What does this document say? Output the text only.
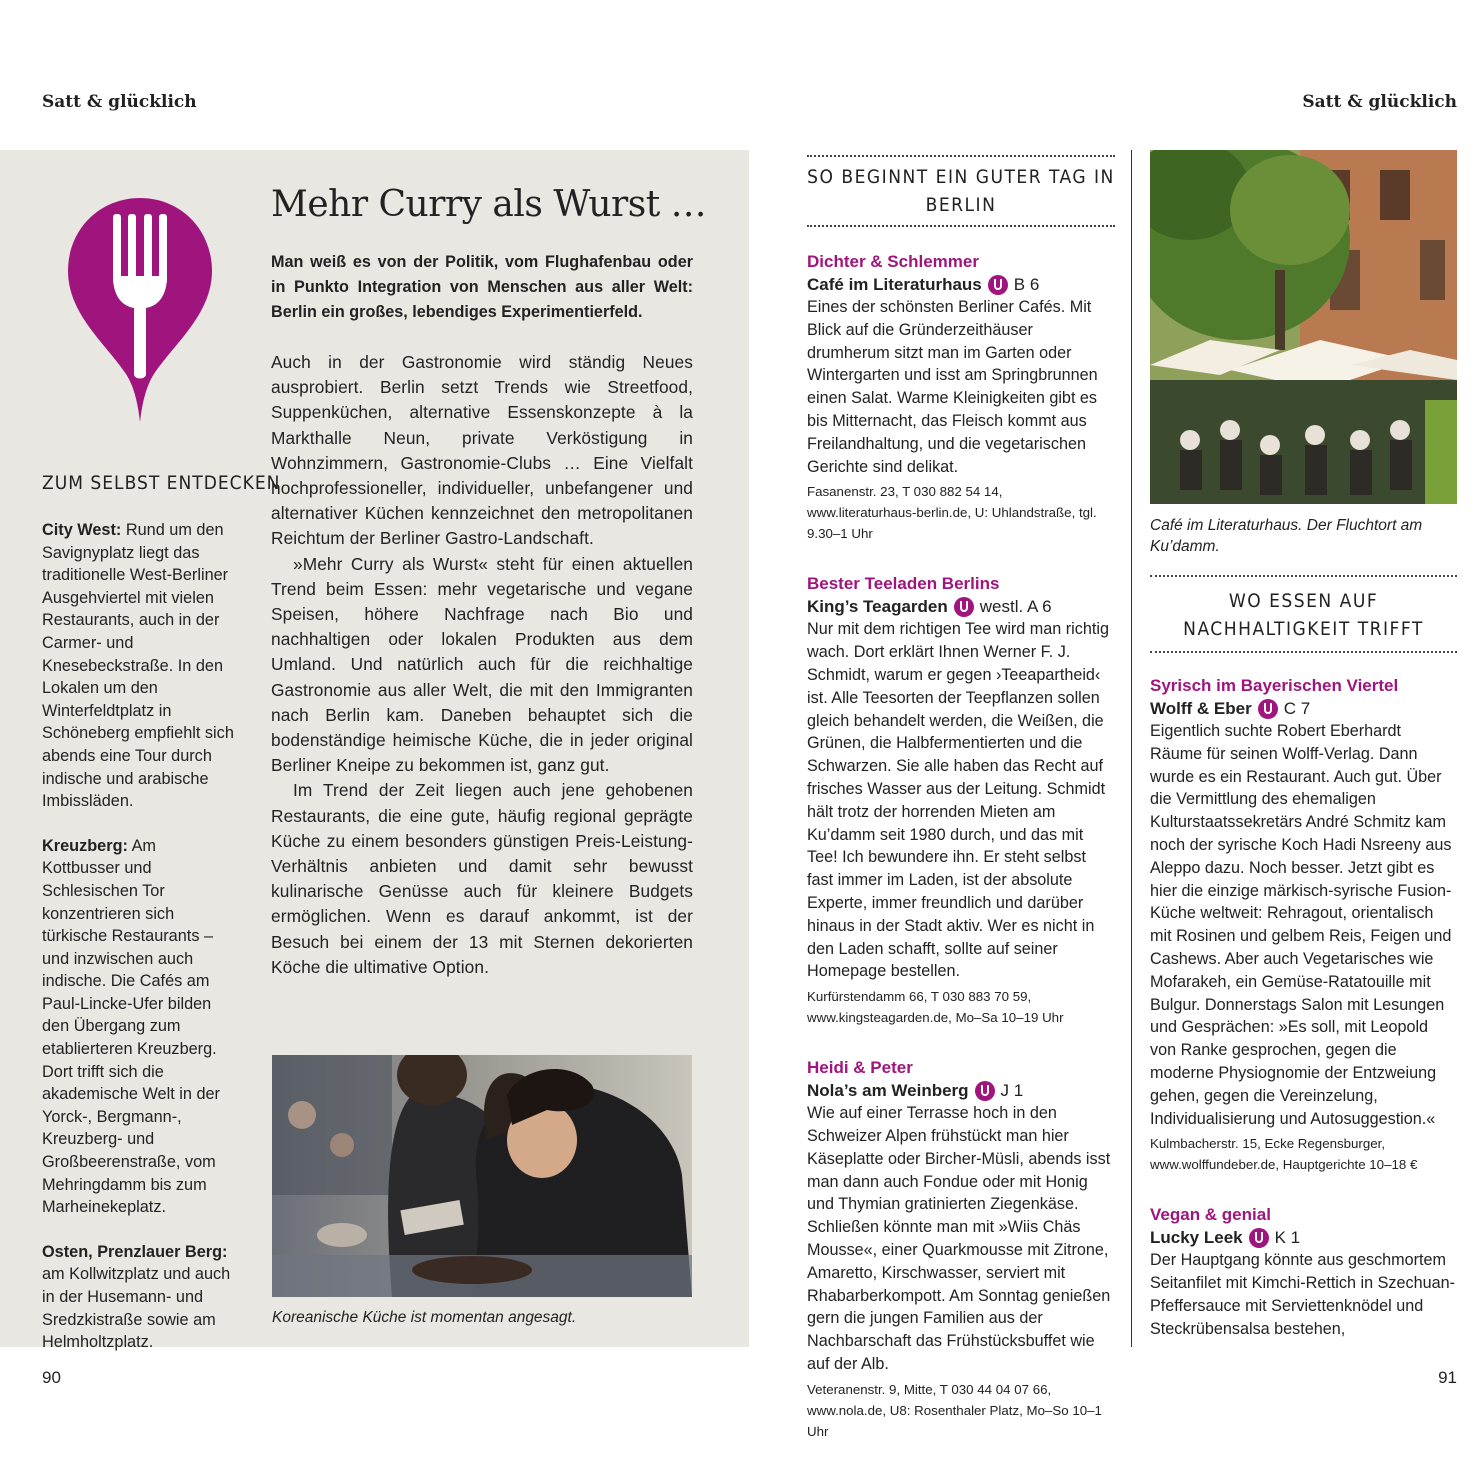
Satt & glücklich	Satt & glücklich
90	91
ZUM SELBST ENTDECKEN
City West: Rund um den Savignyplatz liegt das traditionelle West-Berliner Ausgehviertel mit vielen Restaurants, auch in der Carmer- und Knesebeckstraße. In den Lokalen um den Winterfeldtplatz in Schöneberg empfiehlt sich abends eine Tour durch indische und arabische Imbissläden.
Kreuzberg: Am Kottbusser und Schlesischen Tor konzentrieren sich türkische Restaurants – und inzwischen auch indische. Die Cafés am Paul-Lincke-Ufer bilden den Übergang zum etablierteren Kreuzberg. Dort trifft sich die akademische Welt in der Yorck-, Bergmann-, Kreuzberg- und Großbeerenstraße, vom Mehringdamm bis zum Marheinekeplatz.
Osten, Prenzlauer Berg: am Kollwitzplatz und auch in der Husemann- und Sredzkistraße sowie am Helmholtzplatz.
Mehr Curry als Wurst …
Man weiß es von der Politik, vom Flughafenbau oder in Punkto Integration von Menschen aus aller Welt: Berlin ein großes, lebendiges Experimentierfeld.

Auch in der Gastronomie wird ständig Neues ausprobiert. Berlin setzt Trends wie Streetfood, Suppenküchen, alternative Essenskonzepte à la Markthalle Neun, private Verköstigung in Wohnzimmern, Gastronomie-Clubs … Eine Vielfalt hochprofessioneller, individueller, unbefangener und alternativer Küchen kennzeichnet den metropolitanen Reichtum der Berliner Gastro-Landschaft.

»Mehr Curry als Wurst« steht für einen aktuellen Trend beim Essen: mehr vegetarische und vegane Speisen, höhere Nachfrage nach Bio und nachhaltigen oder lokalen Produkten aus dem Umland. Und natürlich auch für die reichhaltige Gastronomie aus aller Welt, die mit den Immigranten nach Berlin kam. Daneben behauptet sich die bodenständige heimische Küche, die in jeder original Berliner Kneipe zu bekommen ist, ganz gut.

Im Trend der Zeit liegen auch jene gehobenen Restaurants, die eine gute, häufig regional geprägte Küche zu einem besonders günstigen Preis-Leistung-Verhältnis anbieten und damit sehr bewusst kulinarische Genüsse auch für kleinere Budgets ermöglichen. Wenn es darauf ankommt, ist der Besuch bei einem der 13 mit Sternen dekorierten Köche die ultimative Option.

Koreanische Küche ist momentan angesagt.
SO BEGINNT EIN GUTER TAG IN BERLIN
Dichter & Schlemmer
Café im Literaturhaus B 6
Eines der schönsten Berliner Cafés. Mit Blick auf die Gründerzeithäuser drumherum sitzt man im Garten oder Wintergarten und isst am Springbrunnen einen Salat. Warme Kleinigkeiten gibt es bis Mitternacht, das Fleisch kommt aus Freilandhaltung, und die vegetarischen Gerichte sind delikat.
Fasanenstr. 23, T 030 882 54 14, www.literaturhaus-berlin.de, U: Uhlandstraße, tgl. 9.30–1 Uhr
Bester Teeladen Berlins
King’s Teagarden westl. A 6
Nur mit dem richtigen Tee wird man richtig wach. Dort erklärt Ihnen Werner F. J. Schmidt, warum er gegen ›Teeapartheid‹ ist. Alle Teesorten der Teepflanzen sollen gleich behandelt werden, die Weißen, die Grünen, die Halbfermentierten und die Schwarzen. Sie alle haben das Recht auf frisches Wasser aus der Leitung. Schmidt hält trotz der horrenden Mieten am Ku’damm seit 1980 durch, und das mit Tee! Ich bewundere ihn. Er steht selbst fast immer im Laden, ist der absolute Experte, immer freundlich und darüber hinaus in der Stadt aktiv. Wer es nicht in den Laden schafft, sollte auf seiner Homepage bestellen.
Kurfürstendamm 66, T 030 883 70 59, www.kingsteagarden.de, Mo–Sa 10–19 Uhr
Heidi & Peter
Nola’s am Weinberg J 1
Wie auf einer Terrasse hoch in den Schweizer Alpen frühstückt man hier Käseplatte oder Bircher-Müsli, abends isst man dann auch Fondue oder mit Honig und Thymian gratinierten Ziegenkäse. Schließen könnte man mit »Wiis Chäs Mousse«, einer Quarkmousse mit Zitrone, Amaretto, Kirschwasser, serviert mit Rhabarberkompott. Am Sonntag genießen gern die jungen Familien aus der Nachbarschaft das Frühstücksbuffet wie auf der Alb.
Veteranenstr. 9, Mitte, T 030 44 04 07 66, www.nola.de, U8: Rosenthaler Platz, Mo–So 10–1 Uhr
Café im Literaturhaus. Der Fluchtort am Ku’damm.
WO ESSEN AUF NACHHALTIGKEIT TRIFFT
Syrisch im Bayerischen Viertel
Wolff & Eber C 7
Eigentlich suchte Robert Eberhardt Räume für seinen Wolff-Verlag. Dann wurde es ein Restaurant. Auch gut. Über die Vermittlung des ehemaligen Kulturstaatssekretärs André Schmitz kam noch der syrische Koch Hadi Nsreeny aus Aleppo dazu. Noch besser. Jetzt gibt es hier die einzige märkisch-syrische Fusion-Küche weltweit: Rehragout, orientalisch mit Rosinen und gelbem Reis, Feigen und Cashews. Aber auch Vegetarisches wie Mofarakeh, ein Gemüse-Ratatouille mit Bulgur. Donnerstags Salon mit Lesungen und Gesprächen: »Es soll, mit Leopold von Ranke gesprochen, gegen die moderne Physiognomie der Entzweiung gehen, gegen die Vereinzelung, Individualisierung und Autosuggestion.«
Kulmbacherstr. 15, Ecke Regensburger, www.wolffundeber.de, Hauptgerichte 10–18 €
Vegan & genial
Lucky Leek K 1
Der Hauptgang könnte aus geschmortem Seitanfilet mit Kimchi-Rettich in Szechuan-Pfeffersauce mit Serviettenknödel und Steckrübensalsa bestehen,
